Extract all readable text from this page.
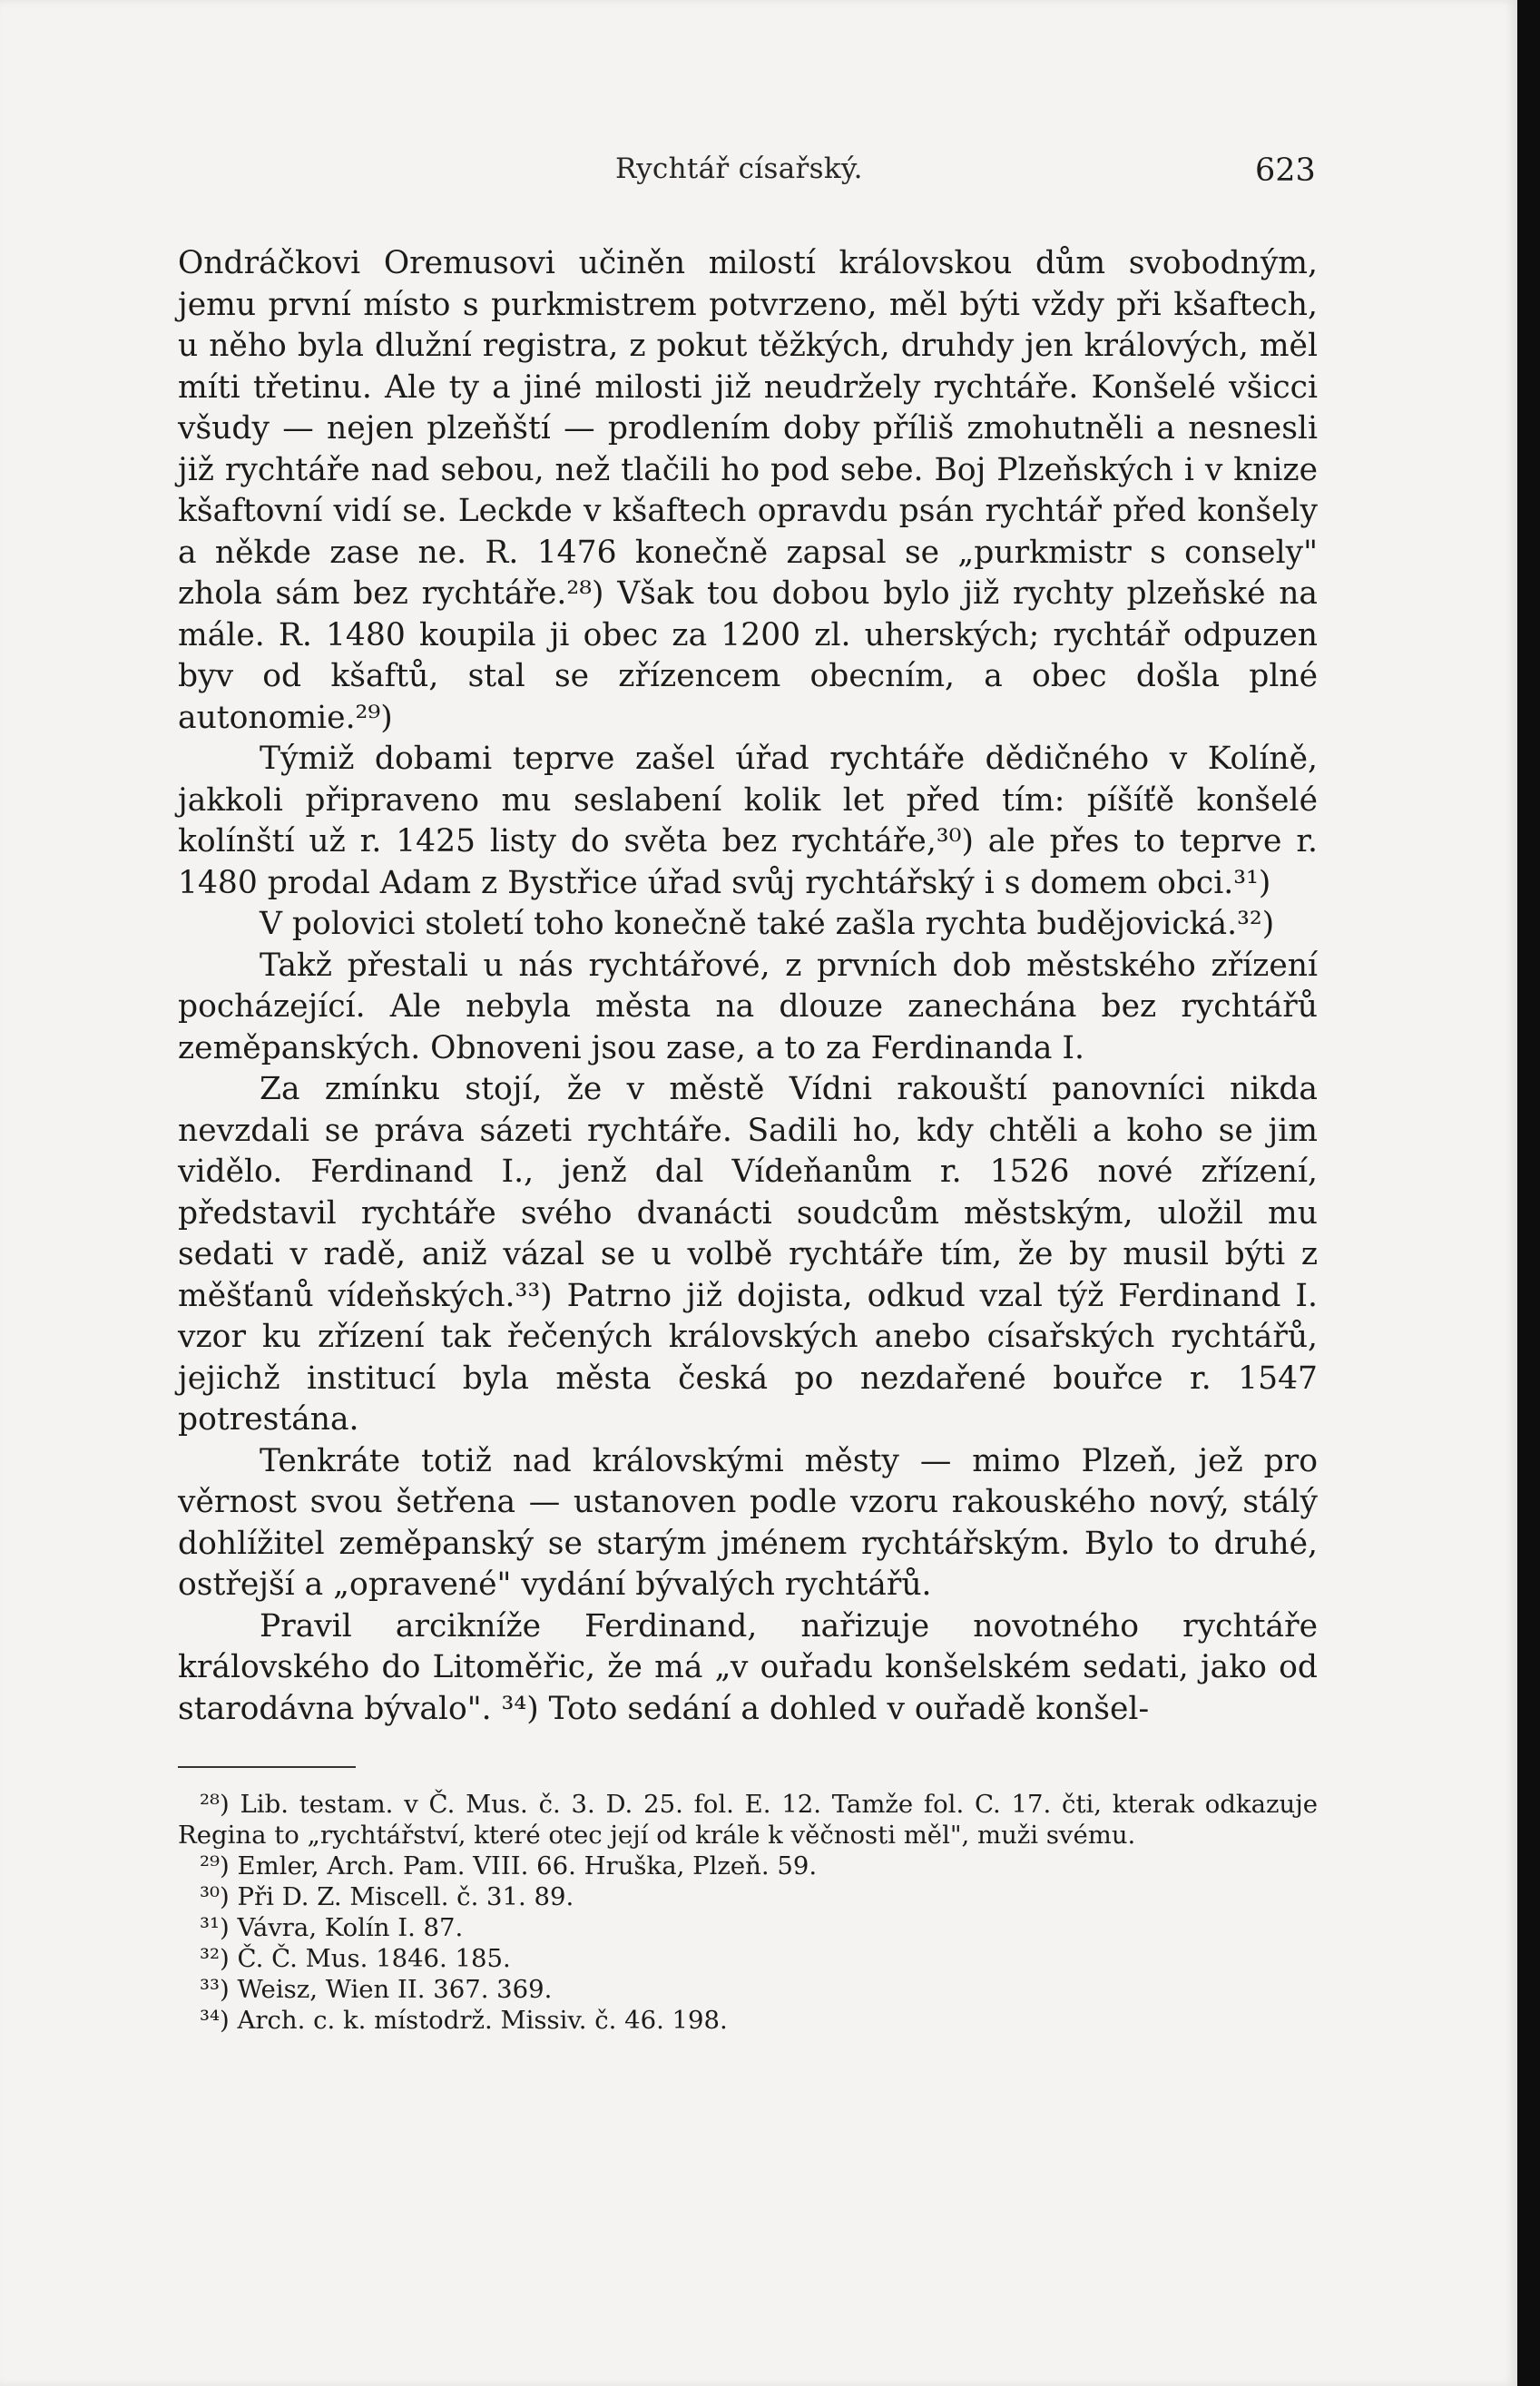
Rychtář císařský.	623

Ondráčkovi Oremusovi učiněn milostí královskou dům svobodným, jemu první místo s purkmistrem potvrzeno, měl býti vždy při kšaftech, u něho byla dlužní registra, z pokut těžkých, druhdy jen králových, měl míti třetinu. Ale ty a jiné milosti již neudržely rychtáře. Konšelé všicci všudy — nejen plzeňští — prodlením doby příliš zmohutněli a nesnesli již rychtáře nad sebou, než tlačili ho pod sebe. Boj Plzeňských i v knize kšaftovní vidí se. Leckde v kšaftech opravdu psán rychtář před konšely a někde zase ne. R. 1476 konečně zapsal se „purkmistr s consely" zhola sám bez rychtáře.²⁸) Však tou dobou bylo již rychty plzeňské na mále. R. 1480 koupila ji obec za 1200 zl. uherských; rychtář odpuzen byv od kšaftů, stal se zřízencem obecním, a obec došla plné autonomie.²⁹)

Týmiž dobami teprve zašel úřad rychtáře dědičného v Kolíně, jakkoli připraveno mu seslabení kolik let před tím: píšíťě konšelé kolínští už r. 1425 listy do světa bez rychtáře,³⁰) ale přes to teprve r. 1480 prodal Adam z Bystřice úřad svůj rychtářský i s domem obci.³¹)

V polovici století toho konečně také zašla rychta budějovická.³²)

Takž přestali u nás rychtářové, z prvních dob městského zřízení pocházející. Ale nebyla města na dlouze zanechána bez rychtářů zeměpanských. Obnoveni jsou zase, a to za Ferdinanda I.

Za zmínku stojí, že v městě Vídni rakouští panovníci nikda nevzdali se práva sázeti rychtáře. Sadili ho, kdy chtěli a koho se jim vidělo. Ferdinand I., jenž dal Vídeňanům r. 1526 nové zřízení, představil rychtáře svého dvanácti soudcům městským, uložil mu sedati v radě, aniž vázal se u volbě rychtáře tím, že by musil býti z měšťanů vídeňských.³³) Patrno již dojista, odkud vzal týž Ferdinand I. vzor ku zřízení tak řečených královských anebo císařských rychtářů, jejichž institucí byla města česká po nezdařené bouřce r. 1547 potrestána.

Tenkráte totiž nad královskými městy — mimo Plzeň, jež pro věrnost svou šetřena — ustanoven podle vzoru rakouského nový, stálý dohlížitel zeměpanský se starým jménem rychtářským. Bylo to druhé, ostřejší a „opravené" vydání bývalých rychtářů.

Pravil arcikníže Ferdinand, nařizuje novotného rychtáře královského do Litoměřic, že má „v ouřadu konšelském sedati, jako od starodávna bývalo". ³⁴) Toto sedání a dohled v ouřadě konšel-

²⁸) Lib. testam. v Č. Mus. č. 3. D. 25. fol. E. 12. Tamže fol. C. 17. čti, kterak odkazuje Regina to „rychtářství, které otec její od krále k věčnosti měl", muži svému.

²⁹) Emler, Arch. Pam. VIII. 66. Hruška, Plzeň. 59.

³⁰) Při D. Z. Miscell. č. 31. 89.

³¹) Vávra, Kolín I. 87.

³²) Č. Č. Mus. 1846. 185.

³³) Weisz, Wien II. 367. 369.

³⁴) Arch. c. k. místodrž. Missiv. č. 46. 198.
